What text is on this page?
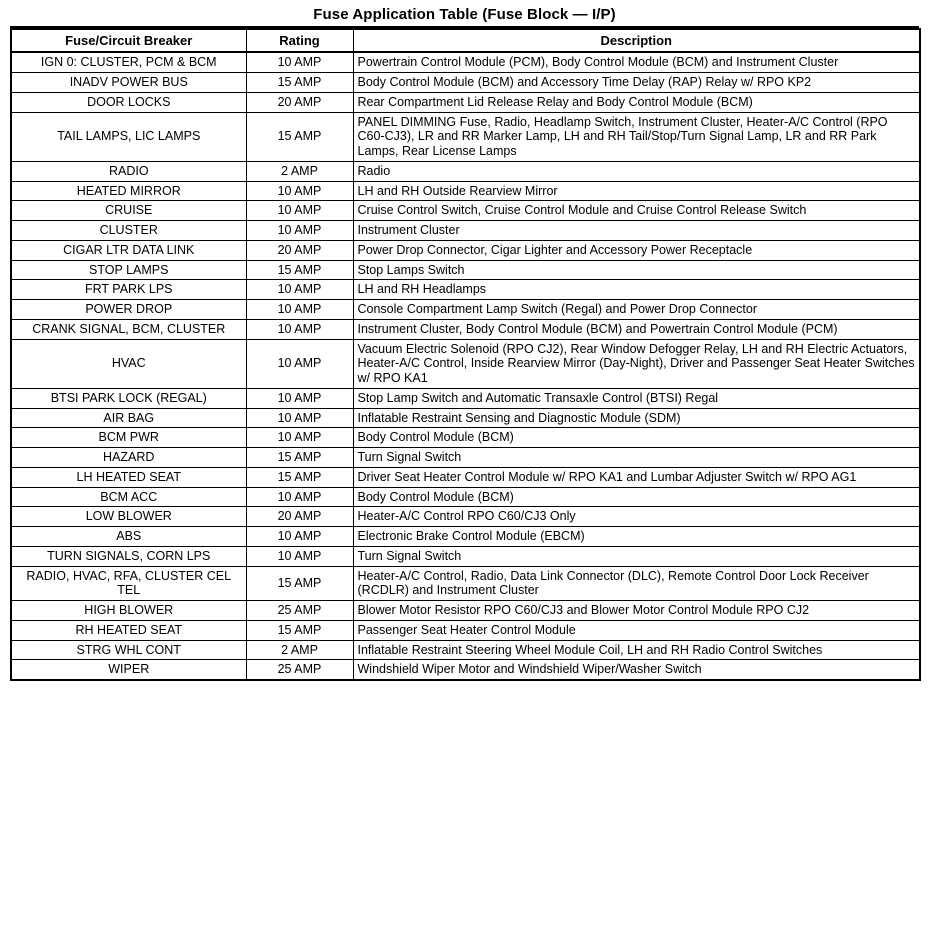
Fuse Application Table (Fuse Block — I/P)
Fuse/Circuit Breaker	Rating	Description
IGN 0: CLUSTER, PCM & BCM	10 AMP	Powertrain Control Module (PCM), Body Control Module (BCM) and Instrument Cluster
INADV POWER BUS	15 AMP	Body Control Module (BCM) and Accessory Time Delay (RAP) Relay w/ RPO KP2
DOOR LOCKS	20 AMP	Rear Compartment Lid Release Relay and Body Control Module (BCM)
TAIL LAMPS, LIC LAMPS	15 AMP	PANEL DIMMING Fuse, Radio, Headlamp Switch, Instrument Cluster, Heater-A/C Control (RPO C60-CJ3), LR and RR Marker Lamp, LH and RH Tail/Stop/Turn Signal Lamp, LR and RR Park Lamps, Rear License Lamps
RADIO	2 AMP	Radio
HEATED MIRROR	10 AMP	LH and RH Outside Rearview Mirror
CRUISE	10 AMP	Cruise Control Switch, Cruise Control Module and Cruise Control Release Switch
CLUSTER	10 AMP	Instrument Cluster
CIGAR LTR DATA LINK	20 AMP	Power Drop Connector, Cigar Lighter and Accessory Power Receptacle
STOP LAMPS	15 AMP	Stop Lamps Switch
FRT PARK LPS	10 AMP	LH and RH Headlamps
POWER DROP	10 AMP	Console Compartment Lamp Switch (Regal) and Power Drop Connector
CRANK SIGNAL, BCM, CLUSTER	10 AMP	Instrument Cluster, Body Control Module (BCM) and Powertrain Control Module (PCM)
HVAC	10 AMP	Vacuum Electric Solenoid (RPO CJ2), Rear Window Defogger Relay, LH and RH Electric Actuators, Heater-A/C Control, Inside Rearview Mirror (Day-Night), Driver and Passenger Seat Heater Switches w/ RPO KA1
BTSI PARK LOCK (REGAL)	10 AMP	Stop Lamp Switch and Automatic Transaxle Control (BTSI) Regal
AIR BAG	10 AMP	Inflatable Restraint Sensing and Diagnostic Module (SDM)
BCM PWR	10 AMP	Body Control Module (BCM)
HAZARD	15 AMP	Turn Signal Switch
LH HEATED SEAT	15 AMP	Driver Seat Heater Control Module w/ RPO KA1 and Lumbar Adjuster Switch w/ RPO AG1
BCM ACC	10 AMP	Body Control Module (BCM)
LOW BLOWER	20 AMP	Heater-A/C Control RPO C60/CJ3 Only
ABS	10 AMP	Electronic Brake Control Module (EBCM)
TURN SIGNALS, CORN LPS	10 AMP	Turn Signal Switch
RADIO, HVAC, RFA, CLUSTER CEL TEL	15 AMP	Heater-A/C Control, Radio, Data Link Connector (DLC), Remote Control Door Lock Receiver (RCDLR) and Instrument Cluster
HIGH BLOWER	25 AMP	Blower Motor Resistor RPO C60/CJ3 and Blower Motor Control Module RPO CJ2
RH HEATED SEAT	15 AMP	Passenger Seat Heater Control Module
STRG WHL CONT	2 AMP	Inflatable Restraint Steering Wheel Module Coil, LH and RH Radio Control Switches
WIPER	25 AMP	Windshield Wiper Motor and Windshield Wiper/Washer Switch
